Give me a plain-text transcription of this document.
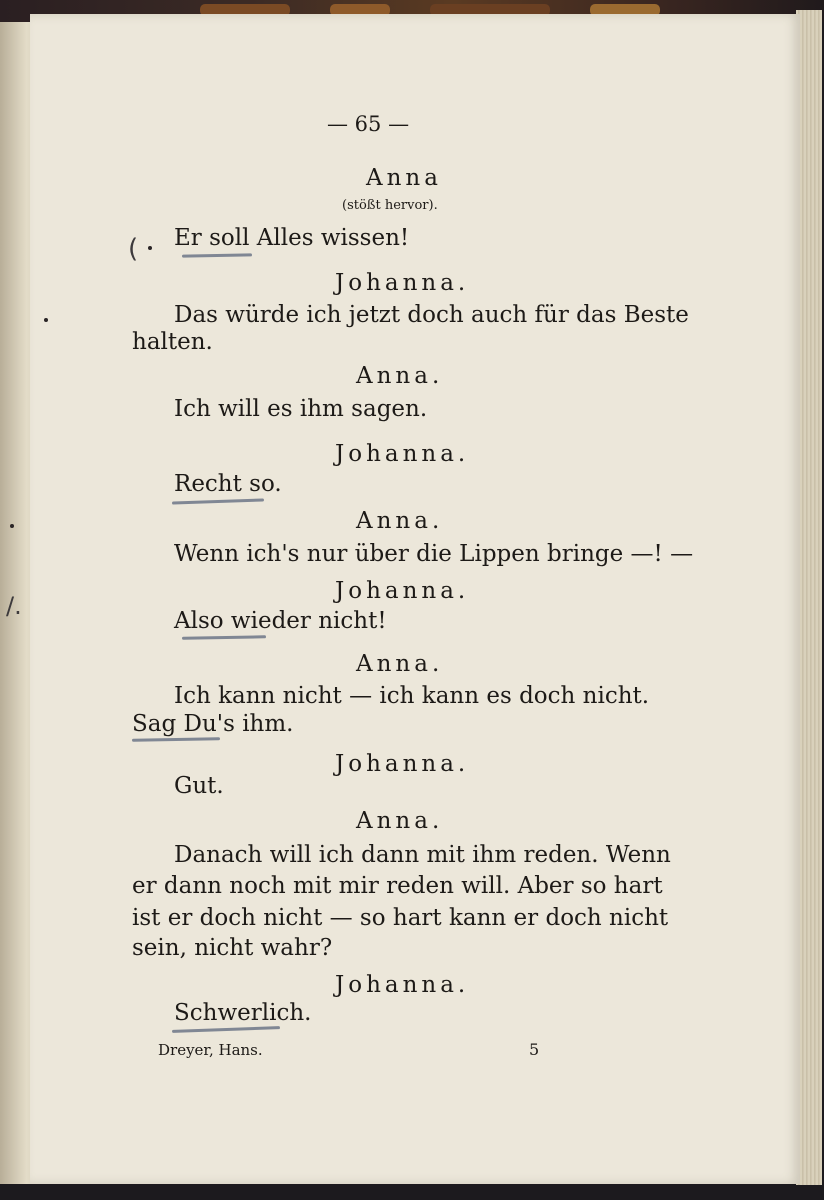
— 65 —
Anna
(stößt hervor).
( Er soll Alles wissen!
Johanna.
Das würde ich jetzt doch auch für das Beste
halten.
Anna.
Ich will es ihm sagen.
Johanna.
Recht so.
Anna.
Wenn ich's nur über die Lippen bringe —! —
Johanna.
Also wieder nicht!
Anna.
Ich kann nicht — ich kann es doch nicht.
Sag Du's ihm.
Johanna.
Gut.
Anna.
Danach will ich dann mit ihm reden. Wenn
er dann noch mit mir reden will. Aber so hart
ist er doch nicht — so hart kann er doch nicht
sein, nicht wahr?
Johanna.
Schwerlich.
Dreyer, Hans.	5
/.
